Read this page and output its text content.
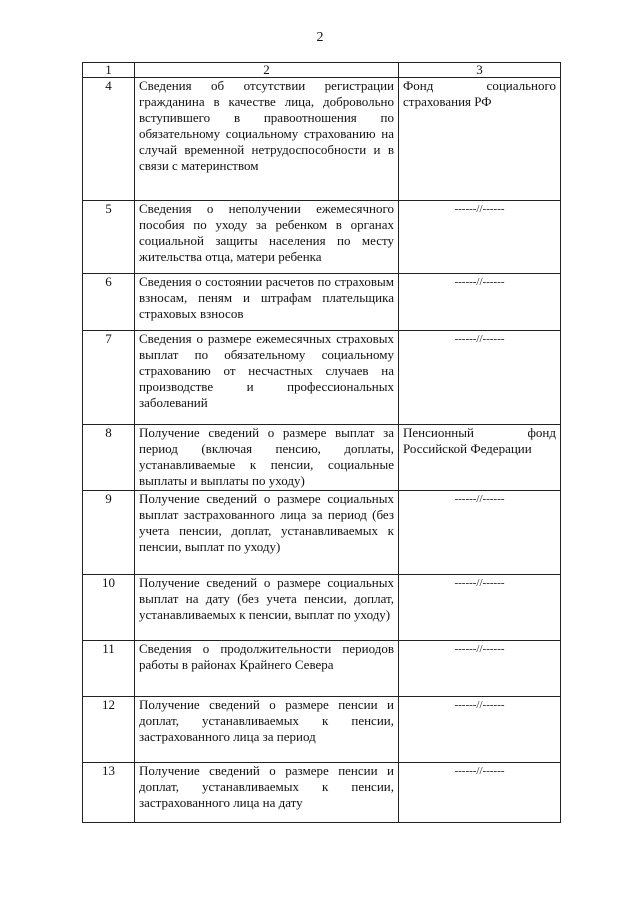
2
1	2	3
4	Сведения об отсутствии регистрации гражданина в качестве лица, добровольно вступившего в правоотношения по обязательному социальному страхованию на случай временной нетрудоспособности и в связи с материнством	Фонд социального страхования РФ
5	Сведения о неполучении ежемесячного пособия по уходу за ребенком в органах социальной защиты населения по месту жительства отца, матери ребенка	------//------
6	Сведения о состоянии расчетов по страховым взносам, пеням и штрафам плательщика страховых взносов	------//------
7	Сведения о размере ежемесячных страховых выплат по обязательному социальному страхованию от несчастных случаев на производстве и профессиональных заболеваний	------//------
8	Получение сведений о размере выплат за период (включая пенсию, доплаты, устанавливаемые к пенсии, социальные выплаты и выплаты по уходу)	Пенсионный фонд Российской Федерации
9	Получение сведений о размере социальных выплат застрахованного лица за период (без учета пенсии, доплат, устанавливаемых к пенсии, выплат по уходу)	------//------
10	Получение сведений о размере социальных выплат на дату (без учета пенсии, доплат, устанавливаемых к пенсии, выплат по уходу)	------//------
11	Сведения о продолжительности периодов работы в районах Крайнего Севера	------//------
12	Получение сведений о размере пенсии и доплат, устанавливаемых к пенсии, застрахованного лица за период	------//------
13	Получение сведений о размере пенсии и доплат, устанавливаемых к пенсии, застрахованного лица на дату	------//------
